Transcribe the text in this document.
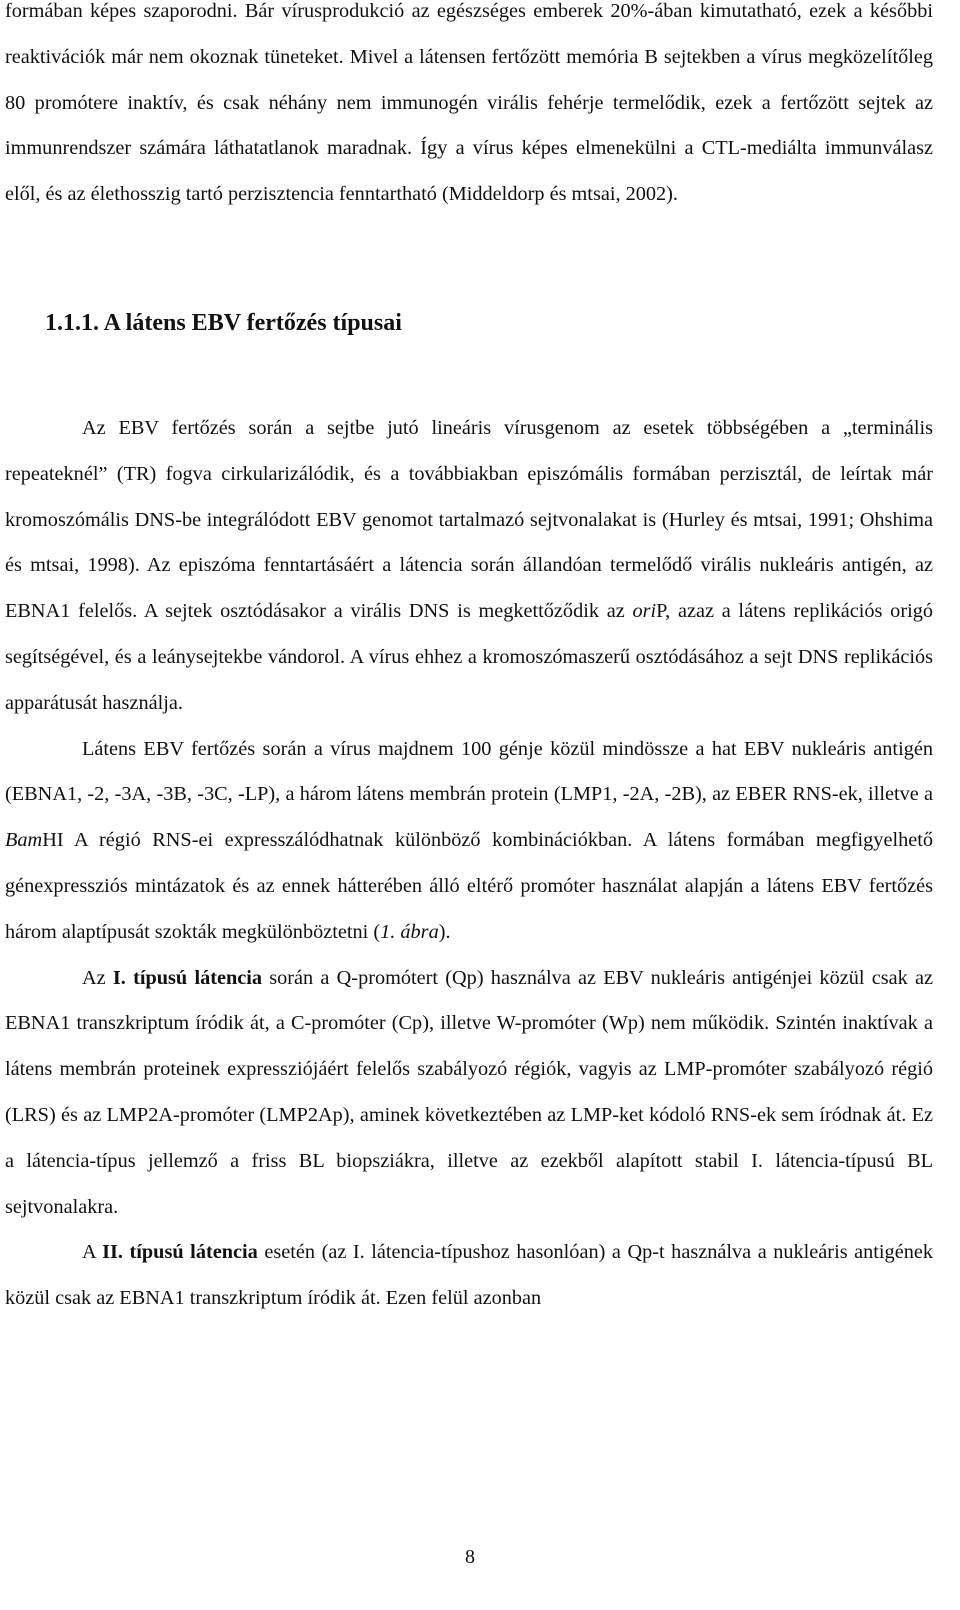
formában képes szaporodni. Bár vírusprodukció az egészséges emberek 20%-ában kimutatható, ezek a későbbi reaktivációk már nem okoznak tüneteket. Mivel a látensen fertőzött memória B sejtekben a vírus megközelítőleg 80 promótere inaktív, és csak néhány nem immunogén virális fehérje termelődik, ezek a fertőzött sejtek az immunrendszer számára láthatatlanok maradnak. Így a vírus képes elmenekülni a CTL-mediálta immunválasz elől, és az élethosszig tartó perzisztencia fenntartható (Middeldorp és mtsai, 2002).

1.1.1. A látens EBV fertőzés típusai

Az EBV fertőzés során a sejtbe jutó lineáris vírusgenom az esetek többségében a „terminális repeateknél” (TR) fogva cirkularizálódik, és a továbbiakban episzómális formában perzisztál, de leírtak már kromoszómális DNS-be integrálódott EBV genomot tartalmazó sejtvonalakat is (Hurley és mtsai, 1991; Ohshima és mtsai, 1998). Az episzóma fenntartásáért a látencia során állandóan termelődő virális nukleáris antigén, az EBNA1 felelős. A sejtek osztódásakor a virális DNS is megkettőződik az oriP, azaz a látens replikációs origó segítségével, és a leánysejtekbe vándorol. A vírus ehhez a kromoszómaszerű osztódásához a sejt DNS replikációs apparátusát használja.

Látens EBV fertőzés során a vírus majdnem 100 génje közül mindössze a hat EBV nukleáris antigén (EBNA1, -2, -3A, -3B, -3C, -LP), a három látens membrán protein (LMP1, -2A, -2B), az EBER RNS-ek, illetve a BamHI A régió RNS-ei expresszálódhatnak különböző kombinációkban. A látens formában megfigyelhető génexpressziós mintázatok és az ennek hátterében álló eltérő promóter használat alapján a látens EBV fertőzés három alaptípusát szokták megkülönböztetni (1. ábra).

Az I. típusú látencia során a Q-promótert (Qp) használva az EBV nukleáris antigénjei közül csak az EBNA1 transzkriptum íródik át, a C-promóter (Cp), illetve W-promóter (Wp) nem működik. Szintén inaktívak a látens membrán proteinek expressziójáért felelős szabályozó régiók, vagyis az LMP-promóter szabályozó régió (LRS) és az LMP2A-promóter (LMP2Ap), aminek következtében az LMP-ket kódoló RNS-ek sem íródnak át. Ez a látencia-típus jellemző a friss BL biopsziákra, illetve az ezekből alapított stabil I. látencia-típusú BL sejtvonalakra.

A II. típusú látencia esetén (az I. látencia-típushoz hasonlóan) a Qp-t használva a nukleáris antigének közül csak az EBNA1 transzkriptum íródik át. Ezen felül azonban

8
